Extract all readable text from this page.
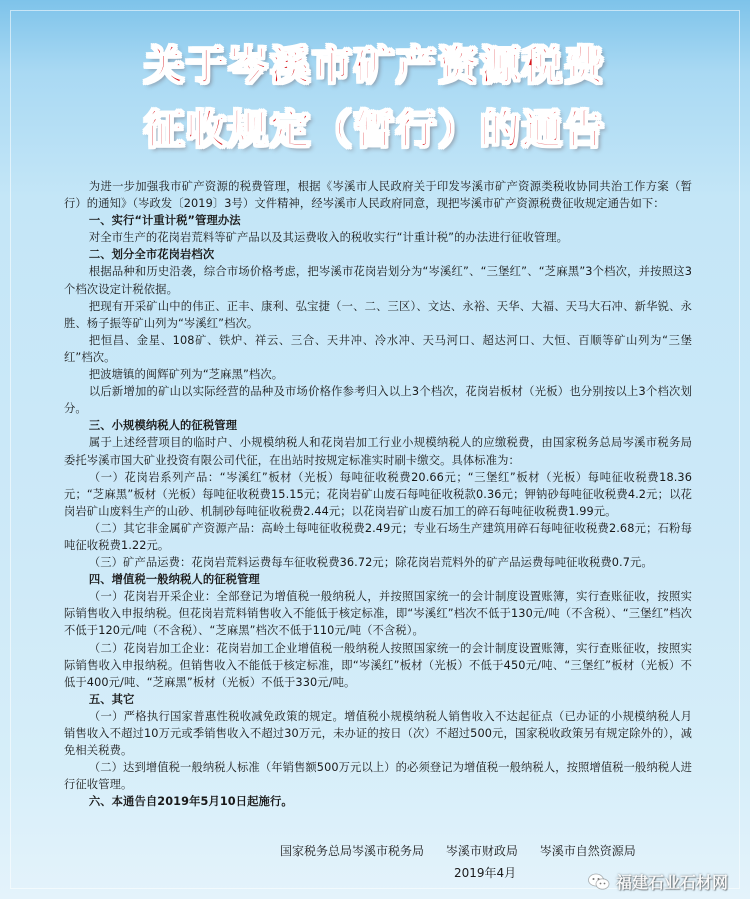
关于岑溪市矿产资源税费
征收规定（暂行）的通告

为进一步加强我市矿产资源的税费管理，根据《岑溪市人民政府关于印发岑溪市矿产资源类税收协同共治工作方案（暂行）的通知》（岑政发〔2019〕3号）文件精神，经岑溪市人民政府同意，现把岑溪市矿产资源税费征收规定通告如下：

一、实行“计重计税”管理办法

对全市生产的花岗岩荒料等矿产品以及其运费收入的税收实行“计重计税”的办法进行征收管理。

二、划分全市花岗岩档次

根据品种和历史沿袭，综合市场价格考虑，把岑溪市花岗岩划分为“岑溪红”、“三堡红”、“芝麻黑”3个档次，并按照这3个档次设定计税依据。

把现有开采矿山中的伟正、正丰、康利、弘宝捷（一、二、三区）、文达、永裕、天华、大福、天马大石冲、新华锐、永胜、杨子振等矿山列为“岑溪红”档次。

把恒昌、金星、108矿、铁炉、祥云、三合、天井冲、冷水冲、天马河口、超达河口、大恒、百顺等矿山列为“三堡红”档次。

把波塘镇的闽辉矿列为“芝麻黑”档次。

以后新增加的矿山以实际经营的品种及市场价格作参考归入以上3个档次，花岗岩板材（光板）也分别按以上3个档次划分。

三、小规模纳税人的征税管理

属于上述经营项目的临时户、小规模纳税人和花岗岩加工行业小规模纳税人的应缴税费，由国家税务总局岑溪市税务局委托岑溪市国大矿业投资有限公司代征，在出站时按规定标准实时刷卡缴交。具体标准为：

（一）花岗岩系列产品：“岑溪红”板材（光板）每吨征收税费20.66元；“三堡红”板材（光板）每吨征收税费18.36元；“芝麻黑”板材（光板）每吨征收税费15.15元；花岗岩矿山废石每吨征收税款0.36元；钾钠砂每吨征收税费4.2元；以花岗岩矿山废料生产的山砂、机制砂每吨征收税费2.44元；以花岗岩矿山废石加工的碎石每吨征收税费1.99元。

（二）其它非金属矿产资源产品：高岭土每吨征收税费2.49元；专业石场生产建筑用碎石每吨征收税费2.68元；石粉每吨征收税费1.22元。

（三）矿产品运费：花岗岩荒料运费每车征收税费36.72元；除花岗岩荒料外的矿产品运费每吨征收税费0.7元。

四、增值税一般纳税人的征税管理

（一）花岗岩开采企业：全部登记为增值税一般纳税人，并按照国家统一的会计制度设置账簿，实行查账征收，按照实际销售收入申报纳税。但花岗岩荒料销售收入不能低于核定标准，即“岑溪红”档次不低于130元/吨（不含税）、“三堡红”档次不低于120元/吨（不含税）、“芝麻黑”档次不低于110元/吨（不含税）。

（二）花岗岩加工企业：花岗岩加工企业增值税一般纳税人按照国家统一的会计制度设置账簿，实行查账征收，按照实际销售收入申报纳税。但销售收入不能低于核定标准，即“岑溪红”板材（光板）不低于450元/吨、“三堡红”板材（光板）不低于400元/吨、“芝麻黑”板材（光板）不低于330元/吨。

五、其它

（一）严格执行国家普惠性税收减免政策的规定。增值税小规模纳税人销售收入不达起征点（已办证的小规模纳税人月销售收入不超过10万元或季销售收入不超过30万元，未办证的按日（次）不超过500元，国家税收政策另有规定除外的），减免相关税费。

（二）达到增值税一般纳税人标准（年销售额500万元以上）的必须登记为增值税一般纳税人，按照增值税一般纳税人进行征收管理。

六、本通告自2019年5月10日起施行。

国家税务总局岑溪市税务局 岑溪市财政局 岑溪市自然资源局
2019年4月	福建石业石材网
